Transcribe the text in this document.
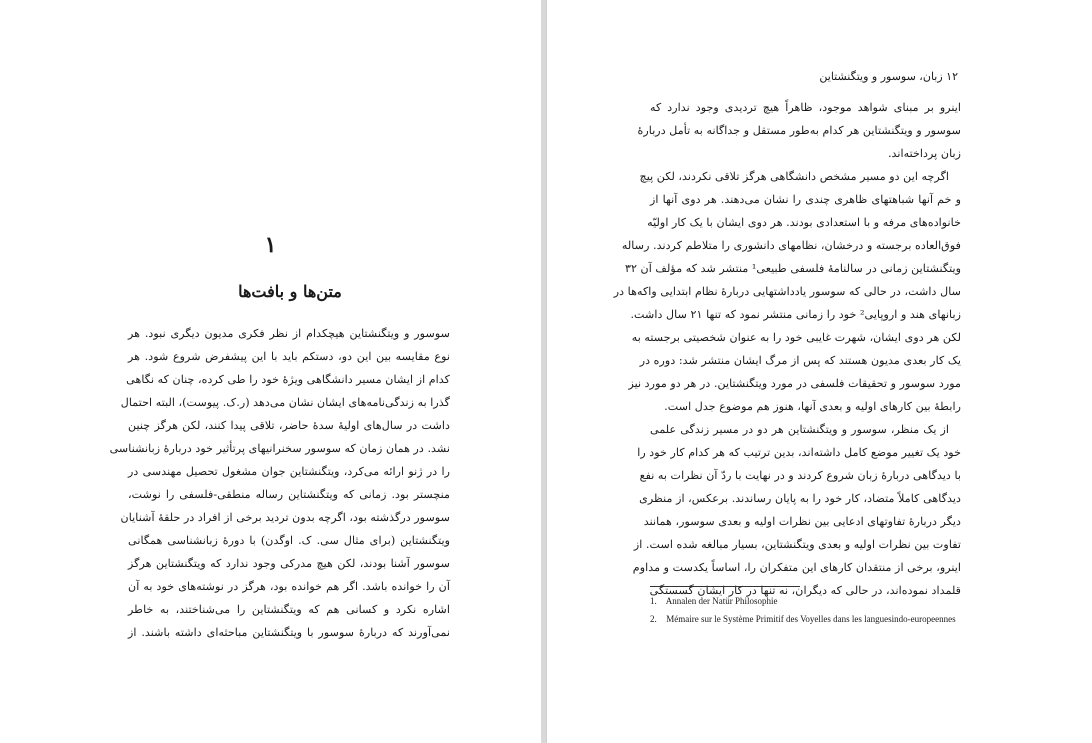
۱
متن‌ها و بافت‌ها
سوسور و ویتگنشتاین هیچکدام از نظر فکری مدیون دیگری نبود. هر
نوع مقایسه بین این دو، دستکم باید با این پیشفرض شروع شود. هر
کدام از ایشان مسیر دانشگاهی ویژهٔ خود را طی کرده، چنان که نگاهی
گذرا به زندگی‌نامه‌های ایشان نشان می‌دهد (ر.ک. پیوست)، البته احتمال
داشت در سال‌های اولیهٔ سدهٔ حاضر، تلاقی پیدا کنند، لکن هرگز چنین
نشد. در همان زمان که سوسور سخنرانیهای پرتأثیر خود دربارهٔ زبانشناسی
را در ژنو ارائه می‌کرد، ویتگنشتاین جوان مشغول تحصیل مهندسی در
منچستر بود. زمانی که ویتگنشتاین رساله منطقی-فلسفی را نوشت،
سوسور درگذشته بود، اگرچه بدون تردید برخی از افراد در حلقهٔ آشنایان
ویتگنشتاین (برای مثال سی. ک. اوگدن) با دورهٔ زبانشناسی همگانی
سوسور آشنا بودند، لکن هیچ مدرکی وجود ندارد که ویتگنشتاین هرگز
آن را خوانده باشد. اگر هم خوانده بود، هرگز در نوشته‌های خود به آن
اشاره نکرد و کسانی هم که ویتگنشتاین را می‌شناختند، به خاطر
نمی‌آورند که دربارهٔ سوسور با ویتگنشتاین مباحثه‌ای داشته باشند. از
۱۲ زبان، سوسور و ویتگنشتاین
اینرو بر مبنای شواهد موجود، ظاهراً هیچ تردیدی وجود ندارد که
سوسور و ویتگنشتاین هر کدام به‌طور مستقل و جداگانه به تأمل دربارهٔ
زبان پرداخته‌اند.
اگرچه این دو مسیر مشخص دانشگاهی هرگز تلاقی نکردند، لکن پیچ
و خم آنها شباهتهای ظاهری چندی را نشان می‌دهند. هر دوی آنها از
خانواده‌های مرفه و با استعدادی بودند. هر دوی ایشان با یک کار اولیّه
فوق‌العاده برجسته و درخشان، نظامهای دانشوری را متلاطم کردند. رساله
ویتگنشتاین زمانی در سالنامهٔ فلسفی طبیعی¹ منتشر شد که مؤلف آن ۳۲
سال داشت، در حالی که سوسور یادداشتهایی دربارهٔ نظام ابتدایی واکه‌ها در
زبانهای هند و اروپایی² خود را زمانی منتشر نمود که تنها ۲۱ سال داشت.
لکن هر دوی ایشان، شهرت غایبی خود را به عنوان شخصیتی برجسته به
یک کار بعدی مدیون هستند که پس از مرگ ایشان منتشر شد: دوره در
مورد سوسور و تحقیقات فلسفی در مورد ویتگنشتاین. در هر دو مورد نیز
رابطهٔ بین کارهای اولیه و بعدی آنها، هنوز هم موضوع جدل است.
از یک منظر، سوسور و ویتگنشتاین هر دو در مسیر زندگی علمی
خود یک تغییر موضع کامل داشته‌اند، بدین ترتیب که هر کدام کار خود را
با دیدگاهی دربارهٔ زبان شروع کردند و در نهایت با ردّ آن نظرات به نفع
دیدگاهی کاملاً متضاد، کار خود را به پایان رساندند. برعکس، از منظری
دیگر دربارهٔ تفاوتهای ادعایی بین نظرات اولیه و بعدی سوسور، همانند
تفاوت بین نظرات اولیه و بعدی ویتگنشتاین، بسیار مبالغه شده است. از
اینرو، برخی از منتقدان کارهای این متفکران را، اساساً یکدست و مداوم
قلمداد نموده‌اند، در حالی که دیگران، نه تنها در کار ایشان گسستگی
1. Annalen der Natür Philosophie
2. Mémaire sur le Système Primitif des Voyelles dans les languesindo-europeennes
